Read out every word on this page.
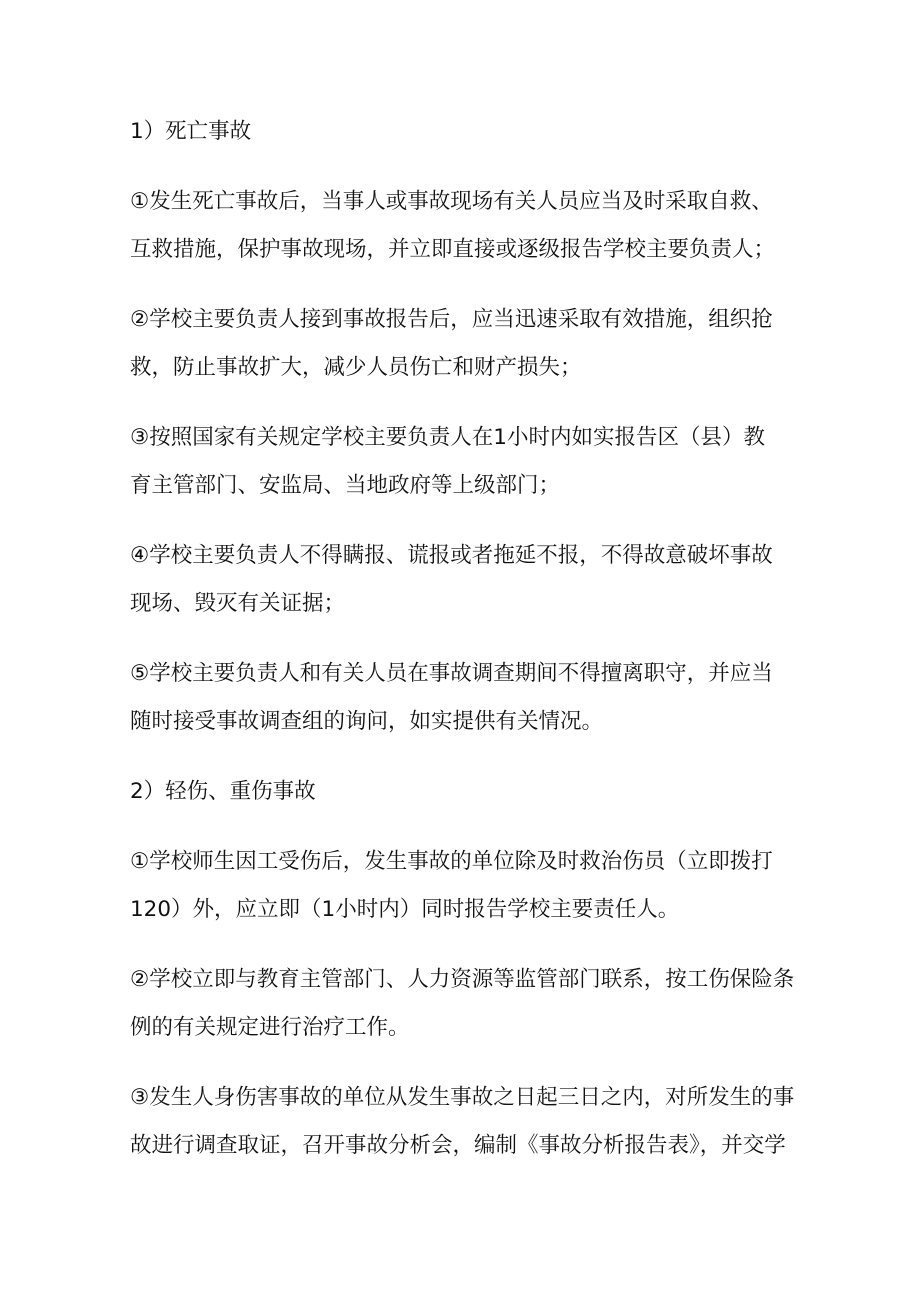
1）死亡事故
①发生死亡事故后，当事人或事故现场有关人员应当及时采取自救、
互救措施，保护事故现场，并立即直接或逐级报告学校主要负责人；
②学校主要负责人接到事故报告后，应当迅速采取有效措施，组织抢
救，防止事故扩大，减少人员伤亡和财产损失；
③按照国家有关规定学校主要负责人在1小时内如实报告区（县）教
育主管部门、安监局、当地政府等上级部门；
④学校主要负责人不得瞒报、谎报或者拖延不报，不得故意破坏事故
现场、毁灭有关证据；
⑤学校主要负责人和有关人员在事故调查期间不得擅离职守，并应当
随时接受事故调查组的询问，如实提供有关情况。
2）轻伤、重伤事故
①学校师生因工受伤后，发生事故的单位除及时救治伤员（立即拨打
120）外，应立即（1小时内）同时报告学校主要责任人。
②学校立即与教育主管部门、人力资源等监管部门联系，按工伤保险条
例的有关规定进行治疗工作。
③发生人身伤害事故的单位从发生事故之日起三日之内，对所发生的事
故进行调查取证，召开事故分析会，编制《事故分析报告表》，并交学
